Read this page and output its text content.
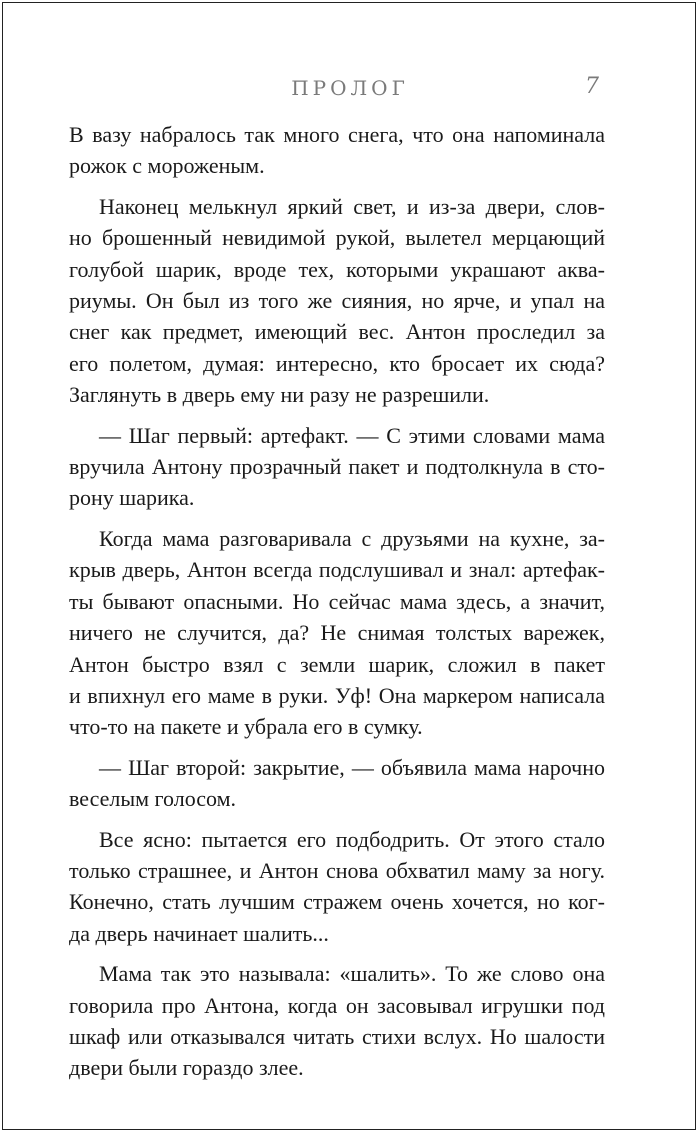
ПРОЛОГ	7

В вазу набралось так много снега, что она напоминала
рожок с мороженым.

Наконец мелькнул яркий свет, и из-за двери, слов-
но брошенный невидимой рукой, вылетел мерцающий
голубой шарик, вроде тех, которыми украшают аква-
риумы. Он был из того же сияния, но ярче, и упал на
снег как предмет, имеющий вес. Антон проследил за
его полетом, думая: интересно, кто бросает их сюда?
Заглянуть в дверь ему ни разу не разрешили.

— Шаг первый: артефакт. — С этими словами мама
вручила Антону прозрачный пакет и подтолкнула в сто-
рону шарика.

Когда мама разговаривала с друзьями на кухне, за-
крыв дверь, Антон всегда подслушивал и знал: артефак-
ты бывают опасными. Но сейчас мама здесь, а значит,
ничего не случится, да? Не снимая толстых варежек,
Антон быстро взял с земли шарик, сложил в пакет
и впихнул его маме в руки. Уф! Она маркером написала
что-то на пакете и убрала его в сумку.

— Шаг второй: закрытие, — объявила мама нарочно
веселым голосом.

Все ясно: пытается его подбодрить. От этого стало
только страшнее, и Антон снова обхватил маму за ногу.
Конечно, стать лучшим стражем очень хочется, но ког-
да дверь начинает шалить...

Мама так это называла: «шалить». То же слово она
говорила про Антона, когда он засовывал игрушки под
шкаф или отказывался читать стихи вслух. Но шалости
двери были гораздо злее.
